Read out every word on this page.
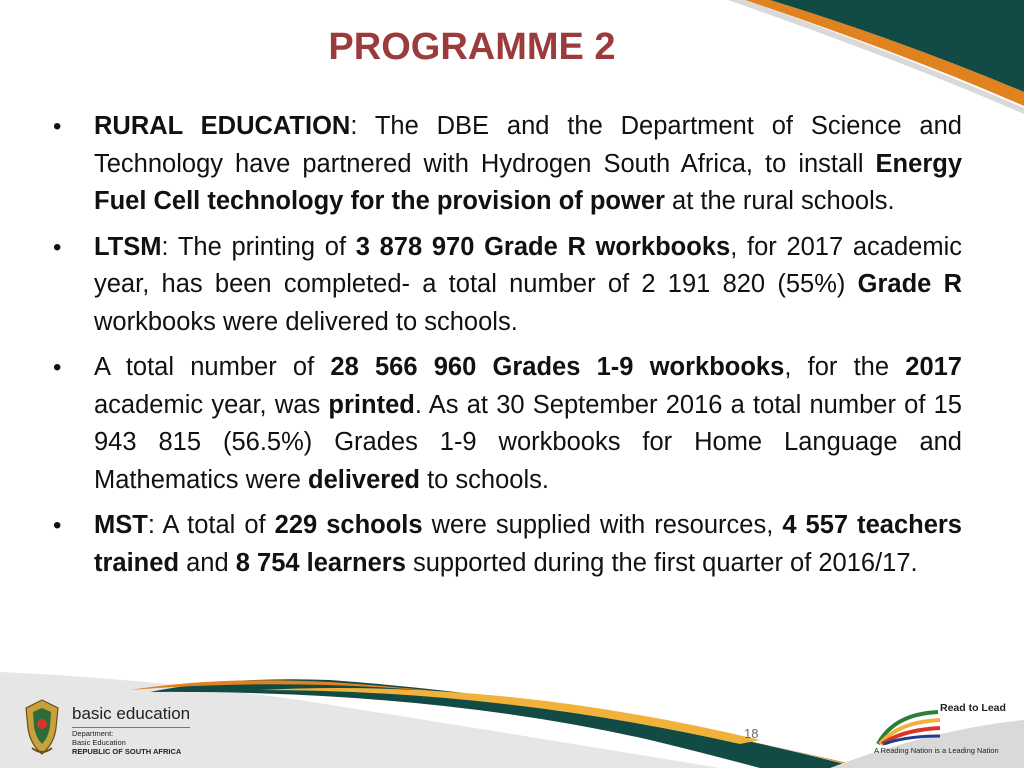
PROGRAMME 2
• RURAL EDUCATION: The DBE and the Department of Science and Technology have partnered with Hydrogen South Africa, to install Energy Fuel Cell technology for the provision of power at the rural schools.
• LTSM: The printing of 3 878 970 Grade R workbooks, for 2017 academic year, has been completed- a total number of 2 191 820 (55%) Grade R workbooks were delivered to schools.
• A total number of 28 566 960 Grades 1-9 workbooks, for the 2017 academic year, was printed. As at 30 September 2016 a total number of 15 943 815 (56.5%) Grades 1-9 workbooks for Home Language and Mathematics were delivered to schools.
• MST: A total of 229 schools were supplied with resources, 4 557 teachers trained and 8 754 learners supported during the first quarter of 2016/17.
basic education
Department:
Basic Education
REPUBLIC OF SOUTH AFRICA
18
Read to Lead
A Reading Nation is a Leading Nation
